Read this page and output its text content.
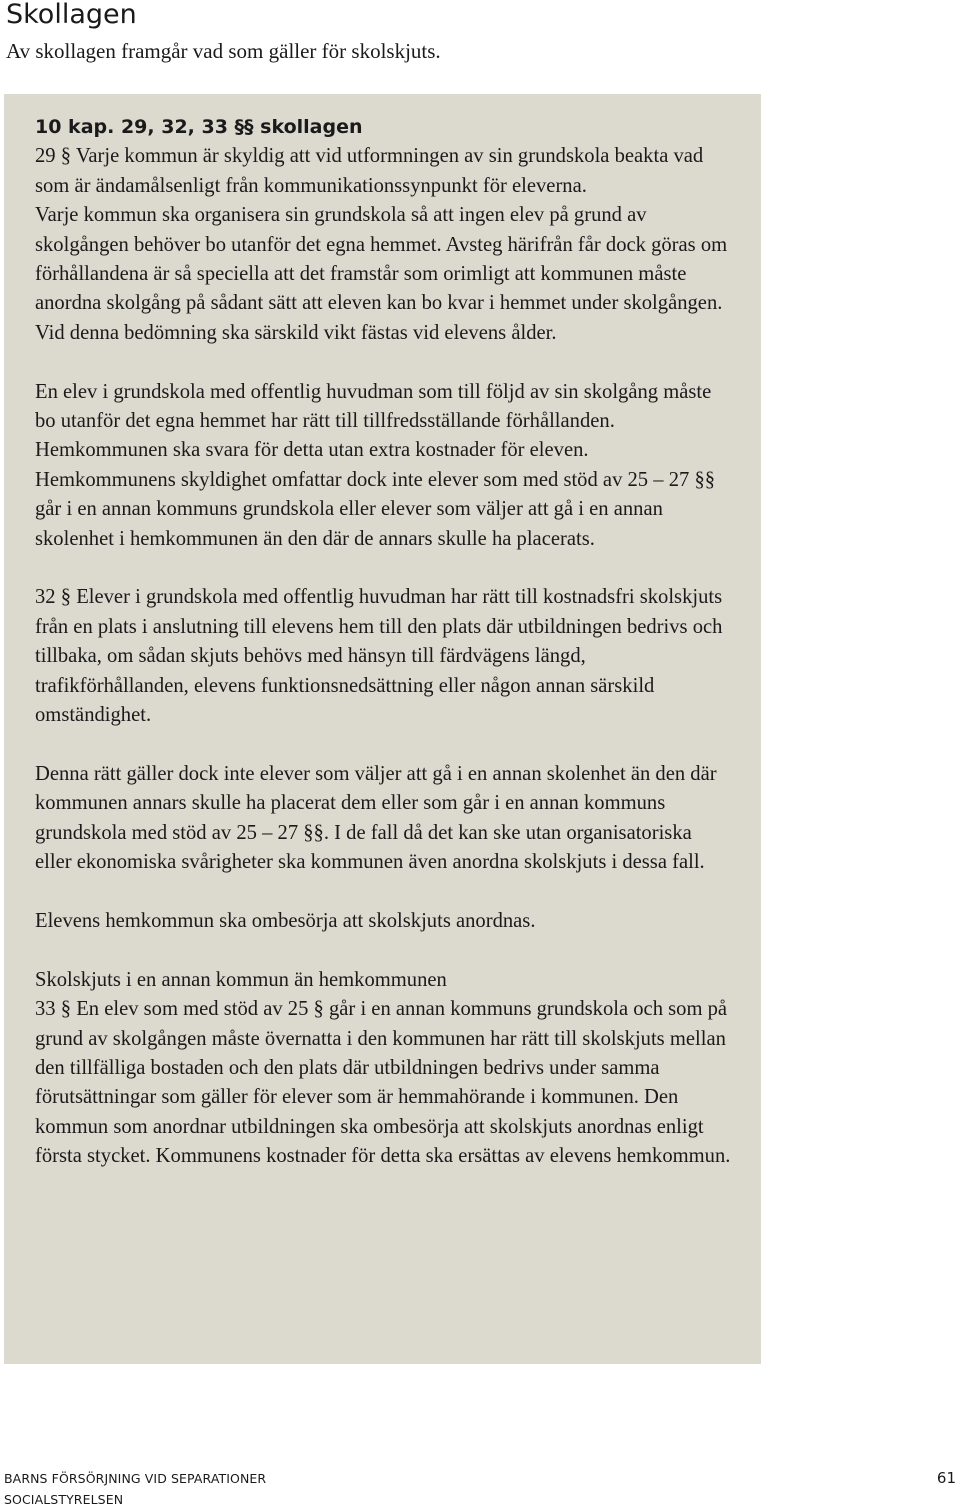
Skollagen

Av skollagen framgår vad som gäller för skolskjuts.

10 kap. 29, 32, 33 §§ skollagen
29 § Varje kommun är skyldig att vid utformningen av sin grundskola beakta vad som är ändamålsenligt från kommunikationssynpunkt för eleverna.
Varje kommun ska organisera sin grundskola så att ingen elev på grund av skolgången behöver bo utanför det egna hemmet. Avsteg härifrån får dock göras om förhållandena är så speciella att det framstår som orimligt att kommunen måste anordna skolgång på sådant sätt att eleven kan bo kvar i hemmet under skolgången. Vid denna bedömning ska särskild vikt fästas vid elevens ålder.

En elev i grundskola med offentlig huvudman som till följd av sin skolgång måste bo utanför det egna hemmet har rätt till tillfredsställande förhållanden. Hemkommunen ska svara för detta utan extra kostnader för eleven. Hemkommunens skyldighet omfattar dock inte elever som med stöd av 25 – 27 §§ går i en annan kommuns grundskola eller elever som väljer att gå i en annan skolenhet i hemkommunen än den där de annars skulle ha placerats.

32 § Elever i grundskola med offentlig huvudman har rätt till kostnadsfri skolskjuts från en plats i anslutning till elevens hem till den plats där utbildningen bedrivs och tillbaka, om sådan skjuts behövs med hänsyn till färdvägens längd, trafikförhållanden, elevens funktionsnedsättning eller någon annan särskild omständighet.

Denna rätt gäller dock inte elever som väljer att gå i en annan skolenhet än den där kommunen annars skulle ha placerat dem eller som går i en annan kommuns grundskola med stöd av 25 – 27 §§. I de fall då det kan ske utan organisatoriska eller ekonomiska svårigheter ska kommunen även anordna skolskjuts i dessa fall.

Elevens hemkommun ska ombesörja att skolskjuts anordnas.

Skolskjuts i en annan kommun än hemkommunen
33 § En elev som med stöd av 25 § går i en annan kommuns grundskola och som på grund av skolgången måste övernatta i den kommunen har rätt till skolskjuts mellan den tillfälliga bostaden och den plats där utbildningen bedrivs under samma förutsättningar som gäller för elever som är hemmahörande i kommunen. Den kommun som anordnar utbildningen ska ombesörja att skolskjuts anordnas enligt första stycket. Kommunens kostnader för detta ska ersättas av elevens hemkommun.

BARNS FÖRSÖRJNING VID SEPARATIONER
SOCIALSTYRELSEN
61
